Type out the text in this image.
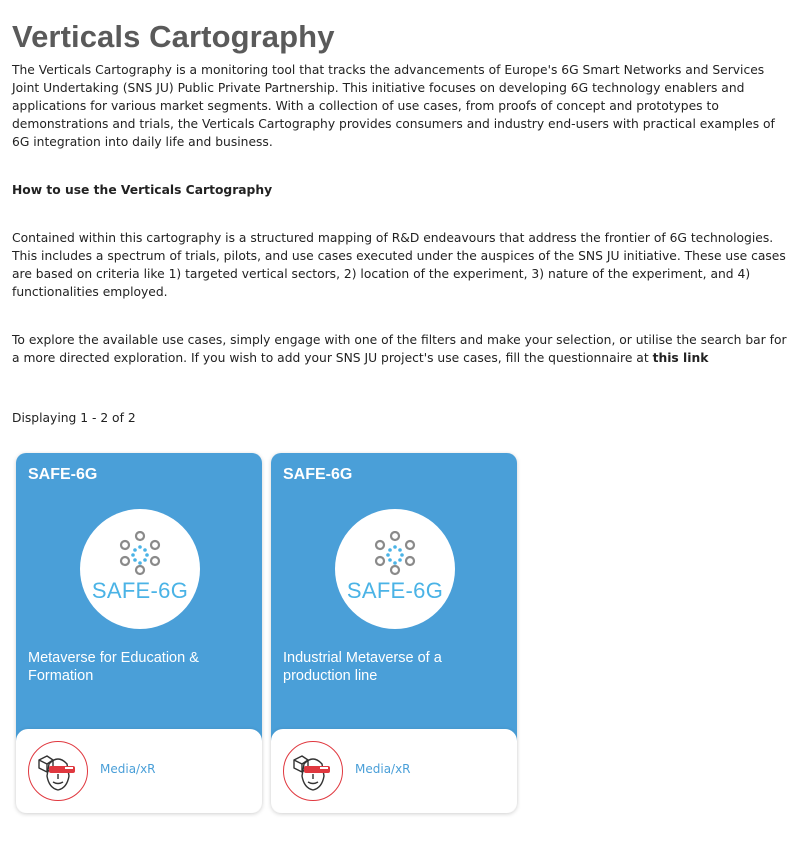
Verticals Cartography

The Verticals Cartography is a monitoring tool that tracks the advancements of Europe's 6G Smart Networks and Services Joint Undertaking (SNS JU) Public Private Partnership. This initiative focuses on developing 6G technology enablers and applications for various market segments. With a collection of use cases, from proofs of concept and prototypes to demonstrations and trials, the Verticals Cartography provides consumers and industry end-users with practical examples of 6G integration into daily life and business.

How to use the Verticals Cartography

Contained within this cartography is a structured mapping of R&D endeavours that address the frontier of 6G technologies. This includes a spectrum of trials, pilots, and use cases executed under the auspices of the SNS JU initiative. These use cases are based on criteria like 1) targeted vertical sectors, 2) location of the experiment, 3) nature of the experiment, and 4) functionalities employed.

To explore the available use cases, simply engage with one of the filters and make your selection, or utilise the search bar for a more directed exploration. If you wish to add your SNS JU project's use cases, fill the questionnaire at this link

Displaying 1 - 2 of 2

SAFE-6G
SAFE-6G
Metaverse for Education & Formation
Media/xR
SAFE-6G
SAFE-6G
Industrial Metaverse of a production line
Media/xR
